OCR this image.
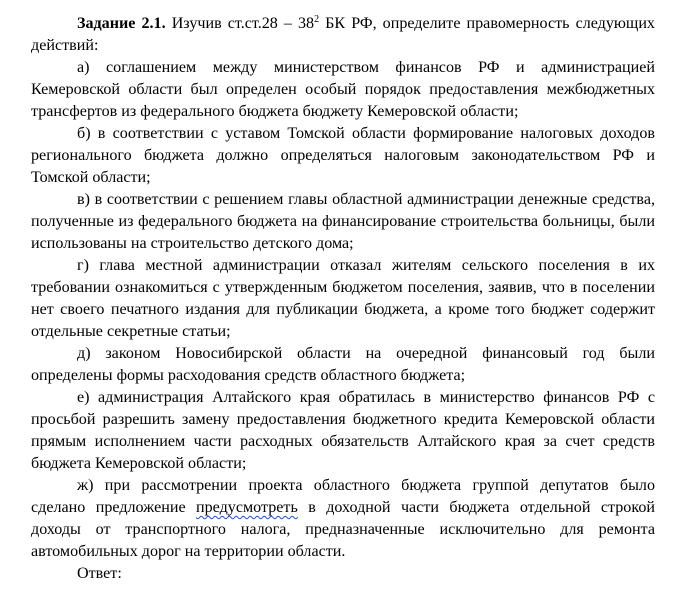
Задание 2.1. Изучив $ст.ст.28 - 38^2$ БК РФ, определите правомерность следующих
действий:
а) соглашением между министерством финансов РФ и администрацией
Кемеровской области был определен особый порядок предоставления межбюджетных
трансфертов из федерального бюджета бюджету Кемеровской области;
б) в соответствии с уставом Томской области формирование налоговых доходов
регионального бюджета должно определяться налоговым законодательством РФ и
Томской области;
в) в соответствии с решением главы областной администрации денежные средства,
полученные из федерального бюджета на финансирование строительства больницы, были
использованы на строительство детского дома;
г) глава местной администрации отказал жителям сельского поселения в их
требовании ознакомиться с утвержденным бюджетом поселения, заявив, что в поселении
нет своего печатного издания для публикации бюджета, а кроме того бюджет содержит
отдельные секретные статьи;
д) законом Новосибирской области на очередной финансовый год были
определены формы расходования средств областного бюджета;
е) администрация Алтайского края обратилась в министерство финансов РФ с
просьбой разрешить замену предоставления бюджетного кредита Кемеровской области
прямым исполнением части расходных обязательств Алтайского края за счет средств
бюджета Кемеровской области;
ж) при рассмотрении проекта областного бюджета группой депутатов было
сделано предложение предусмотреть в доходной части бюджета отдельной строкой
доходы от транспортного налога, предназначенные исключительно для ремонта
автомобильных дорог на территории области.
Ответ:
